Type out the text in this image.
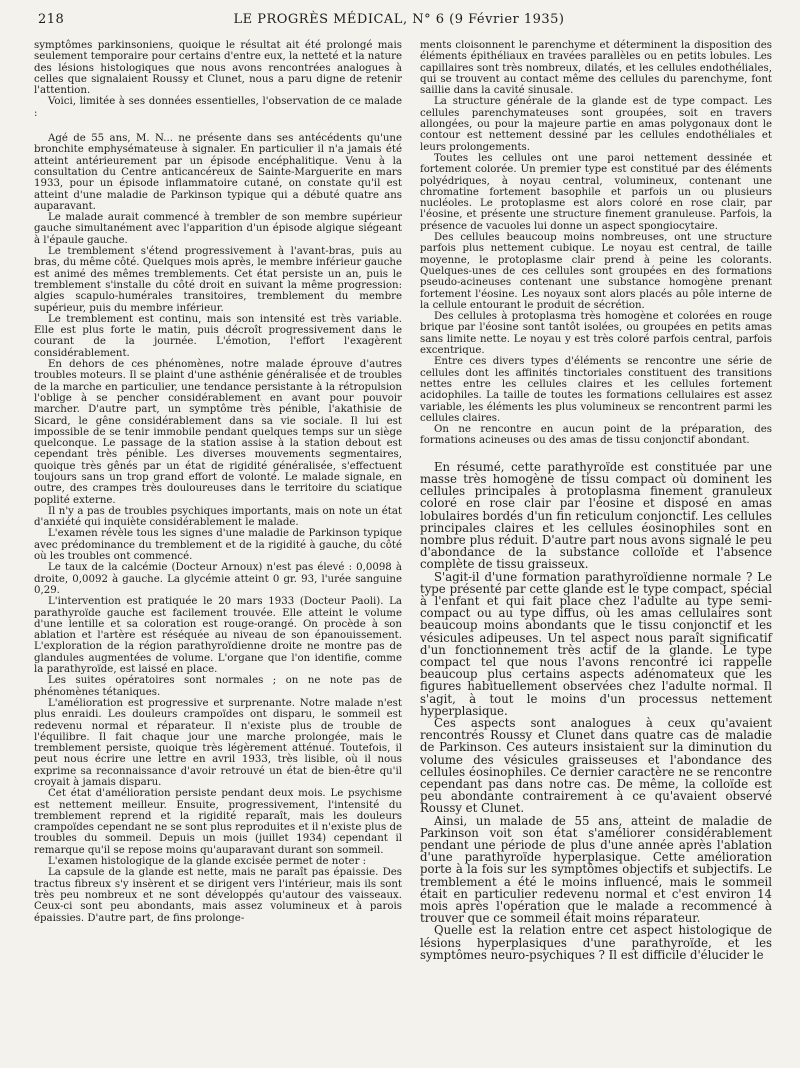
218	LE PROGRÈS MÉDICAL, N° 6 (9 Février 1935)

symptômes parkinsoniens, quoique le résultat ait été prolongé mais seulement temporaire pour certains d'entre eux, la netteté et la nature des lésions histologiques que nous avons rencontrées analogues à celles que signalaient Roussy et Clunet, nous a paru digne de retenir l'attention.

Voici, limitée à ses données essentielles, l'observation de ce malade :

Agé de 55 ans, M. N... ne présente dans ses antécédents qu'une bronchite emphysémateuse à signaler. En particulier il n'a jamais été atteint antérieurement par un épisode encéphalitique. Venu à la consultation du Centre anticancéreux de Sainte-Marguerite en mars 1933, pour un épisode inflammatoire cutané, on constate qu'il est atteint d'une maladie de Parkinson typique qui a débuté quatre ans auparavant.

Le malade aurait commencé à trembler de son membre supérieur gauche simultanément avec l'apparition d'un épisode algique siégeant à l'épaule gauche.

Le tremblement s'étend progressivement à l'avant-bras, puis au bras, du même côté. Quelques mois après, le membre inférieur gauche est animé des mêmes tremblements. Cet état persiste un an, puis le tremblement s'installe du côté droit en suivant la même progression: algies scapulo-humérales transitoires, tremblement du membre supérieur, puis du membre inférieur.

Le tremblement est continu, mais son intensité est très variable. Elle est plus forte le matin, puis décroît progressivement dans le courant de la journée. L'émotion, l'effort l'exagèrent considérablement.

En dehors de ces phénomènes, notre malade éprouve d'autres troubles moteurs. Il se plaint d'une asthénie généralisée et de troubles de la marche en particulier, une tendance persistante à la rétropulsion l'oblige à se pencher considérablement en avant pour pouvoir marcher. D'autre part, un symptôme très pénible, l'akathisie de Sicard, le gêne considérablement dans sa vie sociale. Il lui est impossible de se tenir immobile pendant quelques temps sur un siège quelconque. Le passage de la station assise à la station debout est cependant très pénible. Les diverses mouvements segmentaires, quoique très gênés par un état de rigidité généralisée, s'effectuent toujours sans un trop grand effort de volonté. Le malade signale, en outre, des crampes très douloureuses dans le territoire du sciatique poplité externe.

Il n'y a pas de troubles psychiques importants, mais on note un état d'anxiété qui inquiète considérablement le malade.

L'examen révèle tous les signes d'une maladie de Parkinson typique avec prédominance du tremblement et de la rigidité à gauche, du côté où les troubles ont commencé.

Le taux de la calcémie (Docteur Arnoux) n'est pas élevé : 0,0098 à droite, 0,0092 à gauche. La glycémie atteint 0 gr. 93, l'urée sanguine 0,29.

L'intervention est pratiquée le 20 mars 1933 (Docteur Paoli). La parathyroïde gauche est facilement trouvée. Elle atteint le volume d'une lentille et sa coloration est rouge-orangé. On procède à son ablation et l'artère est réséquée au niveau de son épanouissement. L'exploration de la région parathyroïdienne droite ne montre pas de glandules augmentées de volume. L'organe que l'on identifie, comme la parathyroïde, est laissé en place.

Les suites opératoires sont normales ; on ne note pas de phénomènes tétaniques.

L'amélioration est progressive et surprenante. Notre malade n'est plus enraidi. Les douleurs crampoïdes ont disparu, le sommeil est redevenu normal et réparateur. Il n'existe plus de trouble de l'équilibre. Il fait chaque jour une marche prolongée, mais le tremblement persiste, quoique très légèrement atténué. Toutefois, il peut nous écrire une lettre en avril 1933, très lisible, où il nous exprime sa reconnaissance d'avoir retrouvé un état de bien-être qu'il croyait à jamais disparu.

Cet état d'amélioration persiste pendant deux mois. Le psychisme est nettement meilleur. Ensuite, progressivement, l'intensité du tremblement reprend et la rigidité reparaît, mais les douleurs crampoïdes cependant ne se sont plus reproduites et il n'existe plus de troubles du sommeil. Depuis un mois (juillet 1934) cependant il remarque qu'il se repose moins qu'auparavant durant son sommeil.

L'examen histologique de la glande excisée permet de noter :

La capsule de la glande est nette, mais ne paraît pas épaissie. Des tractus fibreux s'y insèrent et se dirigent vers l'intérieur, mais ils sont très peu nombreux et ne sont développés qu'autour des vaisseaux. Ceux-ci sont peu abondants, mais assez volumineux et à parois épaissies. D'autre part, de fins prolonge-

ments cloisonnent le parenchyme et déterminent la disposition des éléments épithéliaux en travées parallèles ou en petits lobules. Les capillaires sont très nombreux, dilatés, et les cellules endothéliales, qui se trouvent au contact même des cellules du parenchyme, font saillie dans la cavité sinusale.

La structure générale de la glande est de type compact. Les cellules parenchymateuses sont groupées, soit en travers allongées, ou pour la majeure partie en amas polygonaux dont le contour est nettement dessiné par les cellules endothéliales et leurs prolongements.

Toutes les cellules ont une paroi nettement dessinée et fortement colorée. Un premier type est constitué par des éléments polyédriques, à noyau central, volumineux, contenant une chromatine fortement basophile et parfois un ou plusieurs nucléoles. Le protoplasme est alors coloré en rose clair, par l'éosine, et présente une structure finement granuleuse. Parfois, la présence de vacuoles lui donne un aspect spongiocytaire.

Des cellules beaucoup moins nombreuses, ont une structure parfois plus nettement cubique. Le noyau est central, de taille moyenne, le protoplasme clair prend à peine les colorants. Quelques-unes de ces cellules sont groupées en des formations pseudo-acineuses contenant une substance homogène prenant fortement l'éosine. Les noyaux sont alors placés au pôle interne de la cellule entourant le produit de sécrétion.

Des cellules à protoplasma très homogène et colorées en rouge brique par l'éosine sont tantôt isolées, ou groupées en petits amas sans limite nette. Le noyau y est très coloré parfois central, parfois excentrique.

Entre ces divers types d'éléments se rencontre une série de cellules dont les affinités tinctoriales constituent des transitions nettes entre les cellules claires et les cellules fortement acidophiles. La taille de toutes les formations cellulaires est assez variable, les éléments les plus volumineux se rencontrent parmi les cellules claires.

On ne rencontre en aucun point de la préparation, des formations acineuses ou des amas de tissu conjonctif abondant.

En résumé, cette parathyroïde est constituée par une masse très homogène de tissu compact où dominent les cellules principales à protoplasma finement granuleux coloré en rose clair par l'éosine et disposé en amas lobulaires bordés d'un fin reticulum conjonctif. Les cellules principales claires et les cellules éosinophiles sont en nombre plus réduit. D'autre part nous avons signalé le peu d'abondance de la substance colloïde et l'absence complète de tissu graisseux.

S'agit-il d'une formation parathyroïdienne normale ? Le type présenté par cette glande est le type compact, spécial à l'enfant et qui fait place chez l'adulte au type semi-compact ou au type diffus, où les amas cellulaires sont beaucoup moins abondants que le tissu conjonctif et les vésicules adipeuses. Un tel aspect nous paraît significatif d'un fonctionnement très actif de la glande. Le type compact tel que nous l'avons rencontré ici rappelle beaucoup plus certains aspects adénomateux que les figures habituellement observées chez l'adulte normal. Il s'agit, à tout le moins d'un processus nettement hyperplasique.

Ces aspects sont analogues à ceux qu'avaient rencontrés Roussy et Clunet dans quatre cas de maladie de Parkinson. Ces auteurs insistaient sur la diminution du volume des vésicules graisseuses et l'abondance des cellules éosinophiles. Ce dernier caractère ne se rencontre cependant pas dans notre cas. De même, la colloïde est peu abondante contrairement à ce qu'avaient observé Roussy et Clunet.

Ainsi, un malade de 55 ans, atteint de maladie de Parkinson voit son état s'améliorer considérablement pendant une période de plus d'une année après l'ablation d'une parathyroïde hyperplasique. Cette amélioration porte à la fois sur les symptômes objectifs et subjectifs. Le tremblement a été le moins influencé, mais le sommeil était en particulier redevenu normal et c'est environ 14 mois après l'opération que le malade a recommencé à trouver que ce sommeil était moins réparateur.

Quelle est la relation entre cet aspect histologique de lésions hyperplasiques d'une parathyroïde, et les symptômes neuro-psychiques ? Il est difficile d'élucider le
